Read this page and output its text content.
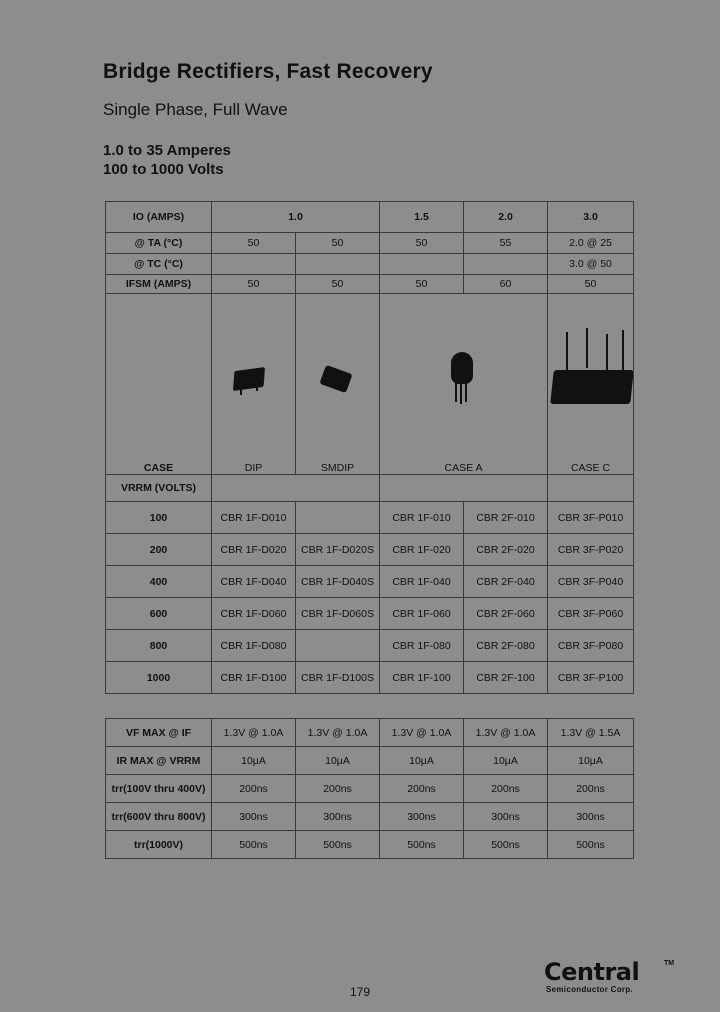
Bridge Rectifiers, Fast Recovery
Single Phase, Full Wave
1.0 to 35 Amperes
100 to 1000 Volts
IO (AMPS)	1.0		1.5	2.0	3.0
@ TA (°C)	50	50	50	55	2.0 @ 25
@ TC (°C)					3.0 @ 50
IFSM (AMPS)	50	50	50	60	50
CASE	DIP	SMDIP	CASE A		CASE C
VRRM (VOLTS)					
100	CBR 1F-D010		CBR 1F-010	CBR 2F-010	CBR 3F-P010
200	CBR 1F-D020	CBR 1F-D020S	CBR 1F-020	CBR 2F-020	CBR 3F-P020
400	CBR 1F-D040	CBR 1F-D040S	CBR 1F-040	CBR 2F-040	CBR 3F-P040
600	CBR 1F-D060	CBR 1F-D060S	CBR 1F-060	CBR 2F-060	CBR 3F-P060
800	CBR 1F-D080		CBR 1F-080	CBR 2F-080	CBR 3F-P080
1000	CBR 1F-D100	CBR 1F-D100S	CBR 1F-100	CBR 2F-100	CBR 3F-P100
VF MAX @ IF	1.3V @ 1.0A	1.3V @ 1.0A	1.3V @ 1.0A	1.3V @ 1.0A	1.3V @ 1.5A
IR MAX @ VRRM	10μA	10μA	10μA	10μA	10μA
trr(100V thru 400V)	200ns	200ns	200ns	200ns	200ns
trr(600V thru 800V)	300ns	300ns	300ns	300ns	300ns
trr(1000V)	500ns	500ns	500ns	500ns	500ns
179
Central	TM
Semiconductor Corp.
